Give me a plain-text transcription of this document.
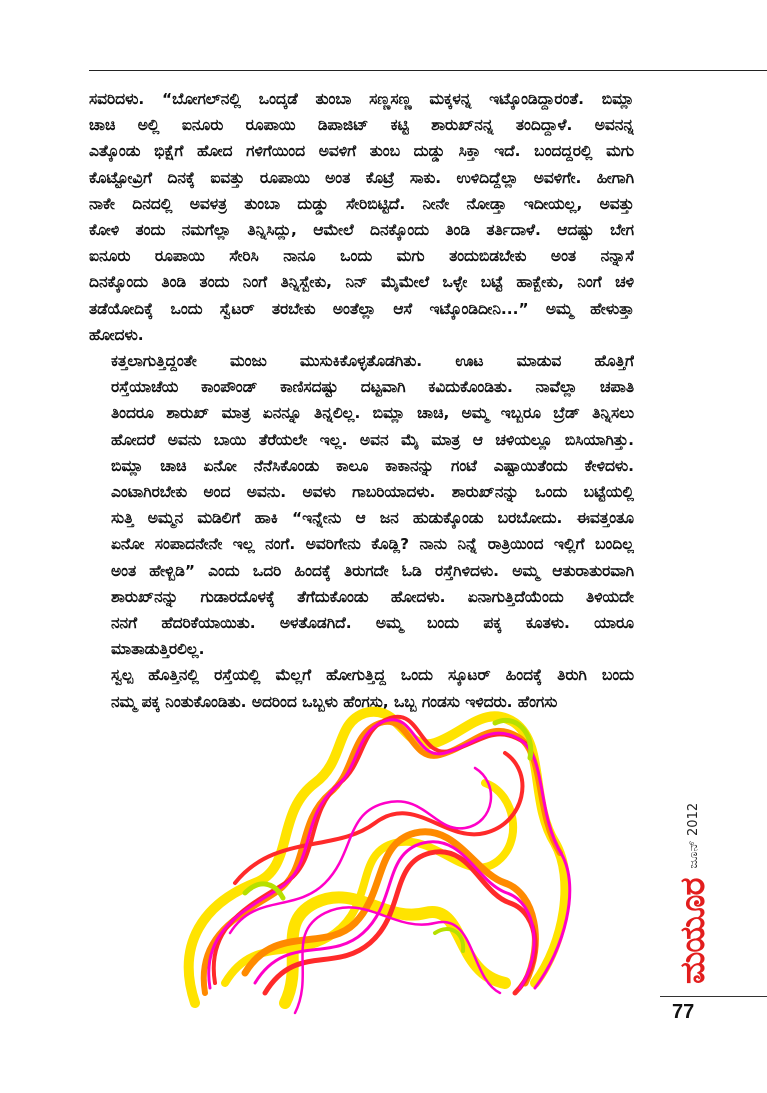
ಸವರಿದಳು. “ಬೋಗಲ್‌ನಲ್ಲಿ ಒಂದ್ಕಡೆ ತುಂಬಾ ಸಣ್ಣಸಣ್ಣ ಮಕ್ಕಳನ್ನ ಇಟ್ಕೊಂಡಿದ್ದಾರಂತೆ. ಬಿಮ್ಲಾ
ಚಾಚಿ ಅಲ್ಲಿ ಐನೂರು ರೂಪಾಯಿ ಡಿಪಾಜಿಟ್ ಕಟ್ಟಿ ಶಾರುಖ್‌ನನ್ನ ತಂದಿದ್ದಾಳೆ. ಅವನನ್ನ
ಎತ್ಕೊಂಡು ಭಿಕ್ಷೆಗೆ ಹೋದ ಗಳಿಗೆಯಿಂದ ಅವಳಿಗೆ ತುಂಬ ದುಡ್ಡು ಸಿಕ್ತಾ ಇದೆ. ಬಂದದ್ದರಲ್ಲಿ ಮಗು
ಕೊಟ್ಟೋವ್ರಿಗೆ ದಿನಕ್ಕೆ ಐವತ್ತು ರೂಪಾಯಿ ಅಂತ ಕೊಟ್ರೆ ಸಾಕು. ಉಳಿದಿದ್ದೆಲ್ಲಾ ಅವಳಿಗೇ. ಹೀಗಾಗಿ
ನಾಕೇ ದಿನದಲ್ಲಿ ಅವಳತ್ರ ತುಂಬಾ ದುಡ್ಡು ಸೇರಿಬಿಟ್ಟಿದೆ. ನೀನೇ ನೋಡ್ತಾ ಇದೀಯಲ್ಲ, ಅವತ್ತು
ಕೋಳಿ ತಂದು ನಮಗೆಲ್ಲಾ ತಿನ್ನಿಸಿದ್ಲು, ಆಮೇಲೆ ದಿನಕ್ಕೊಂದು ತಿಂಡಿ ತರ್ತಿದಾಳೆ. ಆದಷ್ಟು ಬೇಗ
ಐನೂರು ರೂಪಾಯಿ ಸೇರಿಸಿ ನಾನೂ ಒಂದು ಮಗು ತಂದುಬಿಡಬೇಕು ಅಂತ ನನ್ನಾಸೆ
ದಿನಕ್ಕೊಂದು ತಿಂಡಿ ತಂದು ನಿಂಗೆ ತಿನ್ನಿಸ್ಬೇಕು, ನಿನ್ ಮೈಮೇಲೆ ಒಳ್ಳೇ ಬಟ್ಟೆ ಹಾಕ್ಬೇಕು, ನಿಂಗೆ ಚಳಿ
ತಡೆಯೋದಿಕ್ಕೆ ಒಂದು ಸ್ವೆಟರ್ ತರಬೇಕು ಅಂತೆಲ್ಲಾ ಆಸೆ ಇಟ್ಕೊಂಡಿದೀನಿ...” ಅಮ್ಮ ಹೇಳುತ್ತಾ
ಹೋದಳು.

ಕತ್ತಲಾಗುತ್ತಿದ್ದಂತೇ ಮಂಜು ಮುಸುಕಿಕೊಳ್ಳತೊಡಗಿತು. ಊಟ ಮಾಡುವ ಹೊತ್ತಿಗೆ
ರಸ್ತೆಯಾಚೆಯ ಕಾಂಪೌಂಡ್ ಕಾಣಿಸದಷ್ಟು ದಟ್ಟವಾಗಿ ಕವಿದುಕೊಂಡಿತು. ನಾವೆಲ್ಲಾ ಚಪಾತಿ
ತಿಂದರೂ ಶಾರುಖ್ ಮಾತ್ರ ಏನನ್ನೂ ತಿನ್ನಲಿಲ್ಲ. ಬಿಮ್ಲಾ ಚಾಚಿ, ಅಮ್ಮ ಇಬ್ಬರೂ ಬ್ರೆಡ್ ತಿನ್ನಿಸಲು
ಹೋದರೆ ಅವನು ಬಾಯಿ ತೆರೆಯಲೇ ಇಲ್ಲ. ಅವನ ಮೈ ಮಾತ್ರ ಆ ಚಳಿಯಲ್ಲೂ ಬಿಸಿಯಾಗಿತ್ತು.
ಬಿಮ್ಲಾ ಚಾಚಿ ಏನೋ ನೆನೆಸಿಕೊಂಡು ಕಾಲೂ ಕಾಕಾನನ್ನು ಗಂಟೆ ಎಷ್ಟಾಯಿತೆಂದು ಕೇಳಿದಳು.
ಎಂಟಾಗಿರಬೇಕು ಅಂದ ಅವನು. ಅವಳು ಗಾಬರಿಯಾದಳು. ಶಾರುಖ್‌ನನ್ನು ಒಂದು ಬಟ್ಟೆಯಲ್ಲಿ
ಸುತ್ತಿ ಅಮ್ಮನ ಮಡಿಲಿಗೆ ಹಾಕಿ “ಇನ್ನೇನು ಆ ಜನ ಹುಡುಕ್ಕೊಂಡು ಬರಬೋದು. ಈವತ್ತಂತೂ
ಏನೋ ಸಂಪಾದನೇನೇ ಇಲ್ಲ ನಂಗೆ. ಅವರಿಗೇನು ಕೊಡ್ಲಿ? ನಾನು ನಿನ್ನೆ ರಾತ್ರಿಯಿಂದ ಇಲ್ಲಿಗೆ ಬಂದಿಲ್ಲ
ಅಂತ ಹೇಳ್ಬಿಡಿ” ಎಂದು ಒದರಿ ಹಿಂದಕ್ಕೆ ತಿರುಗದೇ ಓಡಿ ರಸ್ತೆಗಿಳಿದಳು. ಅಮ್ಮ ಆತುರಾತುರವಾಗಿ
ಶಾರುಖ್‌ನನ್ನು ಗುಡಾರದೊಳಕ್ಕೆ ತೆಗೆದುಕೊಂಡು ಹೋದಳು. ಏನಾಗುತ್ತಿದೆಯೆಂದು ತಿಳಿಯದೇ
ನನಗೆ ಹೆದರಿಕೆಯಾಯಿತು. ಅಳತೊಡಗಿದೆ. ಅಮ್ಮ ಬಂದು ಪಕ್ಕ ಕೂತಳು. ಯಾರೂ
ಮಾತಾಡುತ್ತಿರಲಿಲ್ಲ.

ಸ್ವಲ್ಪ ಹೊತ್ತಿನಲ್ಲಿ ರಸ್ತೆಯಲ್ಲಿ ಮೆಲ್ಲಗೆ ಹೋಗುತ್ತಿದ್ದ ಒಂದು ಸ್ಕೂಟರ್ ಹಿಂದಕ್ಕೆ ತಿರುಗಿ ಬಂದು
ನಮ್ಮ ಪಕ್ಕ ನಿಂತುಕೊಂಡಿತು. ಅದರಿಂದ ಒಬ್ಬಳು ಹೆಂಗಸು, ಒಬ್ಬ ಗಂಡಸು ಇಳಿದರು. ಹೆಂಗಸು

ಮಯೂರ
ಜೂನ್ 2012
77
